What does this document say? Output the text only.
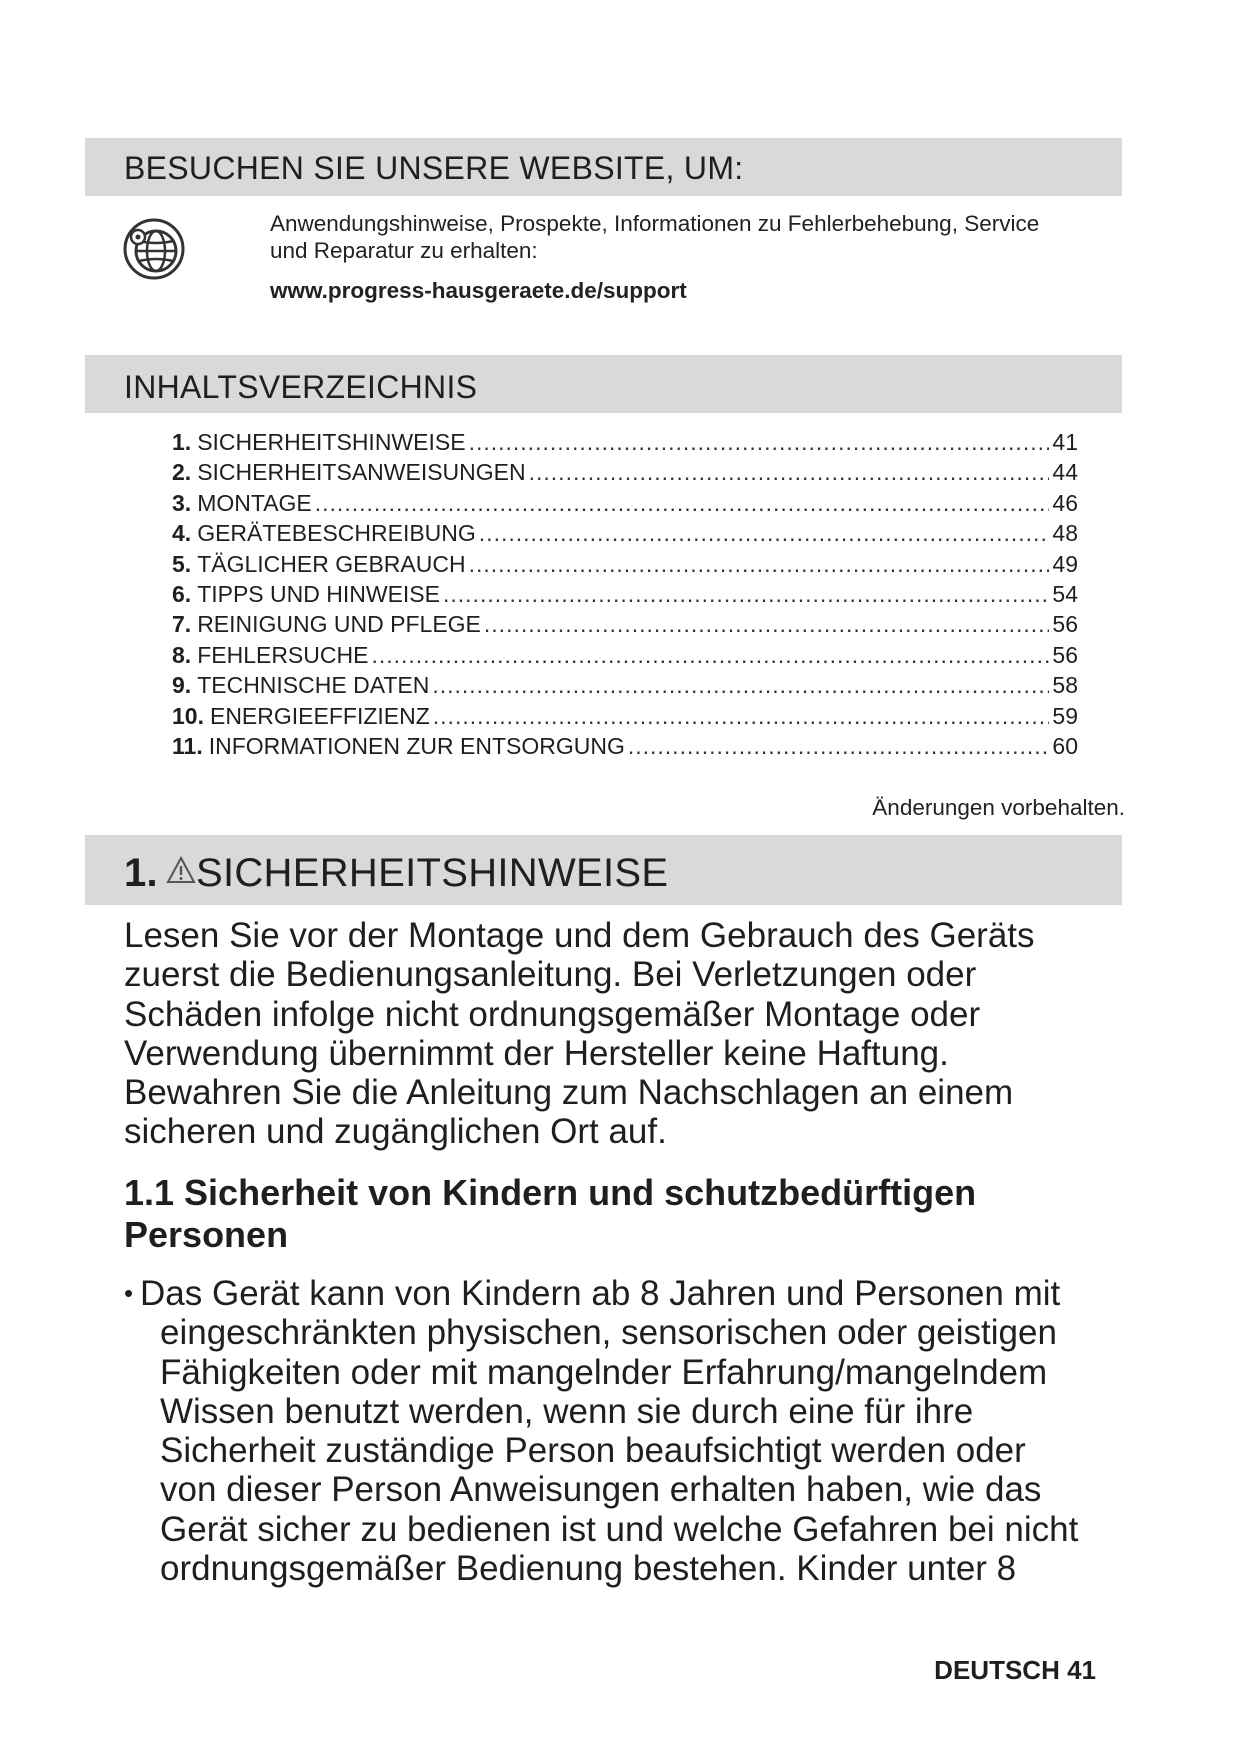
BESUCHEN SIE UNSERE WEBSITE, UM:
Anwendungshinweise, Prospekte, Informationen zu Fehlerbehebung, Service
und Reparatur zu erhalten:
www.progress-hausgeraete.de/support
INHALTSVERZEICHNIS
1. SICHERHEITSHINWEISE .....	41
2. SICHERHEITSANWEISUNGEN .....	44
3. MONTAGE .....	46
4. GERÄTEBESCHREIBUNG .....	48
5. TÄGLICHER GEBRAUCH .....	49
6. TIPPS UND HINWEISE .....	54
7. REINIGUNG UND PFLEGE .....	56
8. FEHLERSUCHE .....	56
9. TECHNISCHE DATEN .....	58
10. ENERGIEEFFIZIENZ .....	59
11. INFORMATIONEN ZUR ENTSORGUNG .....	60
Änderungen vorbehalten.
1. SICHERHEITSHINWEISE
Lesen Sie vor der Montage und dem Gebrauch des Geräts
zuerst die Bedienungsanleitung. Bei Verletzungen oder
Schäden infolge nicht ordnungsgemäßer Montage oder
Verwendung übernimmt der Hersteller keine Haftung.
Bewahren Sie die Anleitung zum Nachschlagen an einem
sicheren und zugänglichen Ort auf.
1.1 Sicherheit von Kindern und schutzbedürftigen
Personen
• Das Gerät kann von Kindern ab 8 Jahren und Personen mit
eingeschränkten physischen, sensorischen oder geistigen
Fähigkeiten oder mit mangelnder Erfahrung/mangelndem
Wissen benutzt werden, wenn sie durch eine für ihre
Sicherheit zuständige Person beaufsichtigt werden oder
von dieser Person Anweisungen erhalten haben, wie das
Gerät sicher zu bedienen ist und welche Gefahren bei nicht
ordnungsgemäßer Bedienung bestehen. Kinder unter 8
DEUTSCH 41
